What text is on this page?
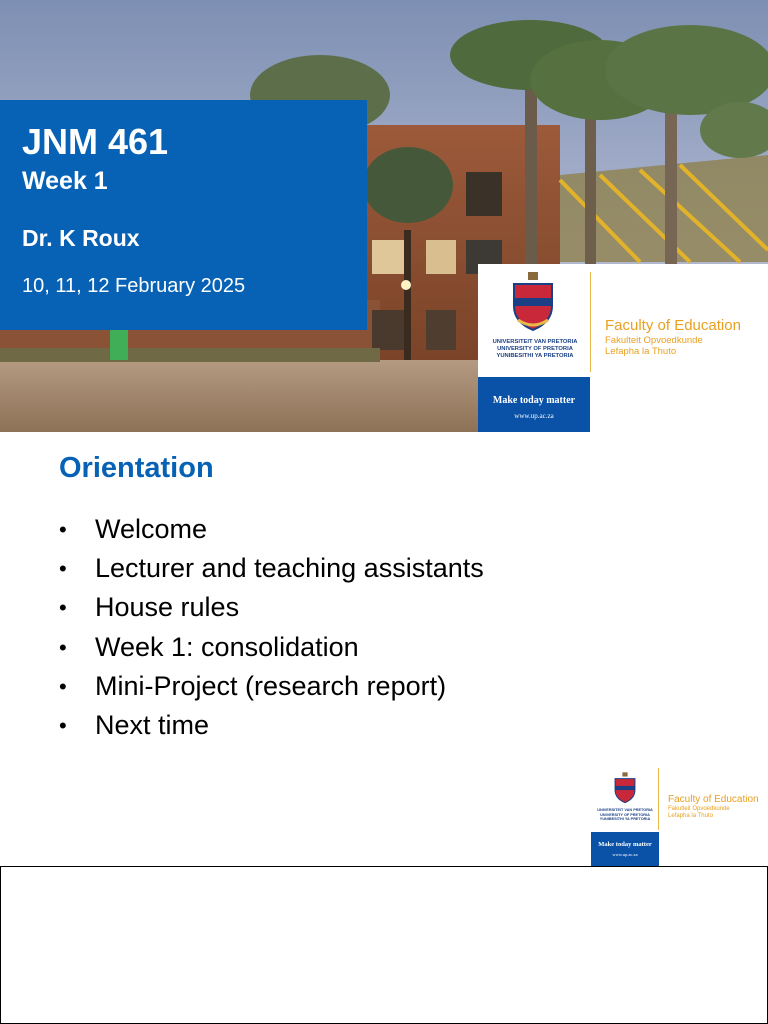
JNM 461
Week 1
Dr. K Roux
10, 11, 12 February 2025
UNIVERSITEIT VAN PRETORIA
UNIVERSITY OF PRETORIA
YUNIBESITHI YA PRETORIA
Faculty of Education
Fakulteit Opvoedkunde
Lefapha la Thuto
Make today matter
www.up.ac.za
Orientation
• Welcome
• Lecturer and teaching assistants
• House rules
• Week 1: consolidation
• Mini-Project (research report)
• Next time
UNIVERSITEIT VAN PRETORIA
UNIVERSITY OF PRETORIA
YUNIBESITHI YA PRETORIA
Faculty of Education
Fakulteit Opvoedkunde
Lefapha la Thuto
Make today matter
www.up.ac.za
